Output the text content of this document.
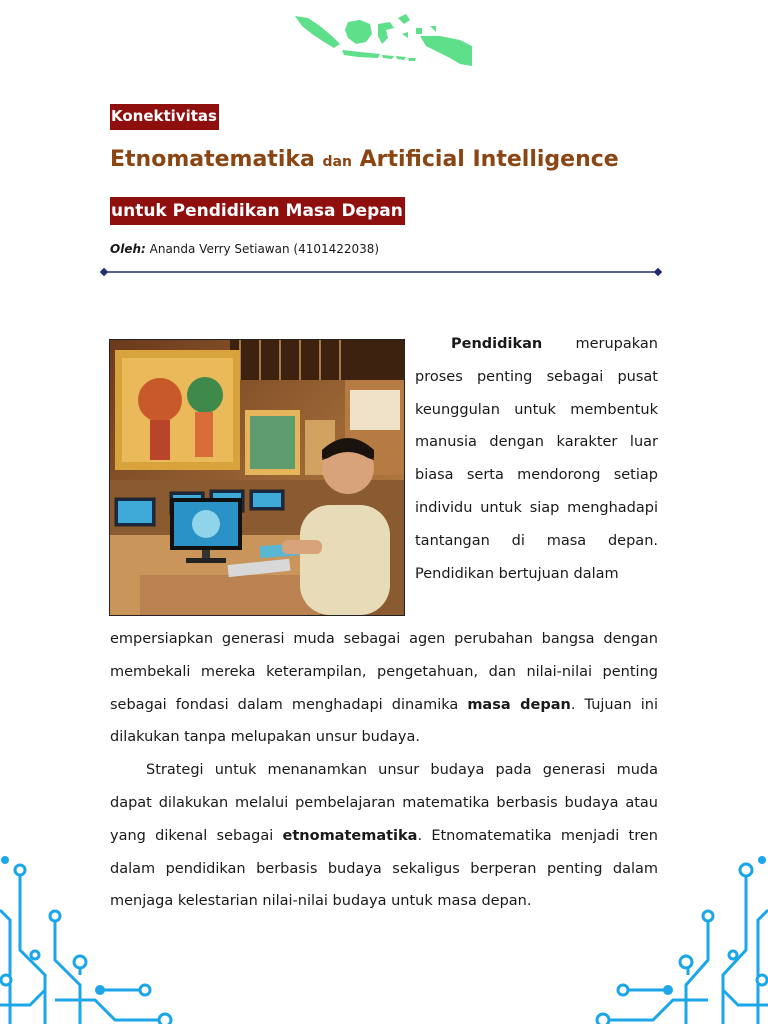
Konektivitas
Etnomatematika dan Artificial Intelligence
untuk Pendidikan Masa Depan
Oleh: Ananda Verry Setiawan (4101422038)
Pendidikan merupakan proses penting sebagai pusat keunggulan untuk membentuk manusia dengan karakter luar biasa serta mendorong setiap individu untuk siap menghadapi tantangan di masa depan. Pendidikan bertujuan dalam
empersiapkan generasi muda sebagai agen perubahan bangsa dengan membekali mereka keterampilan, pengetahuan, dan nilai-nilai penting sebagai fondasi dalam menghadapi dinamika masa depan. Tujuan ini dilakukan tanpa melupakan unsur budaya.
Strategi untuk menanamkan unsur budaya pada generasi muda dapat dilakukan melalui pembelajaran matematika berbasis budaya atau yang dikenal sebagai etnomatematika. Etnomatematika menjadi tren dalam pendidikan berbasis budaya sekaligus berperan penting dalam menjaga kelestarian nilai-nilai budaya untuk masa depan.
